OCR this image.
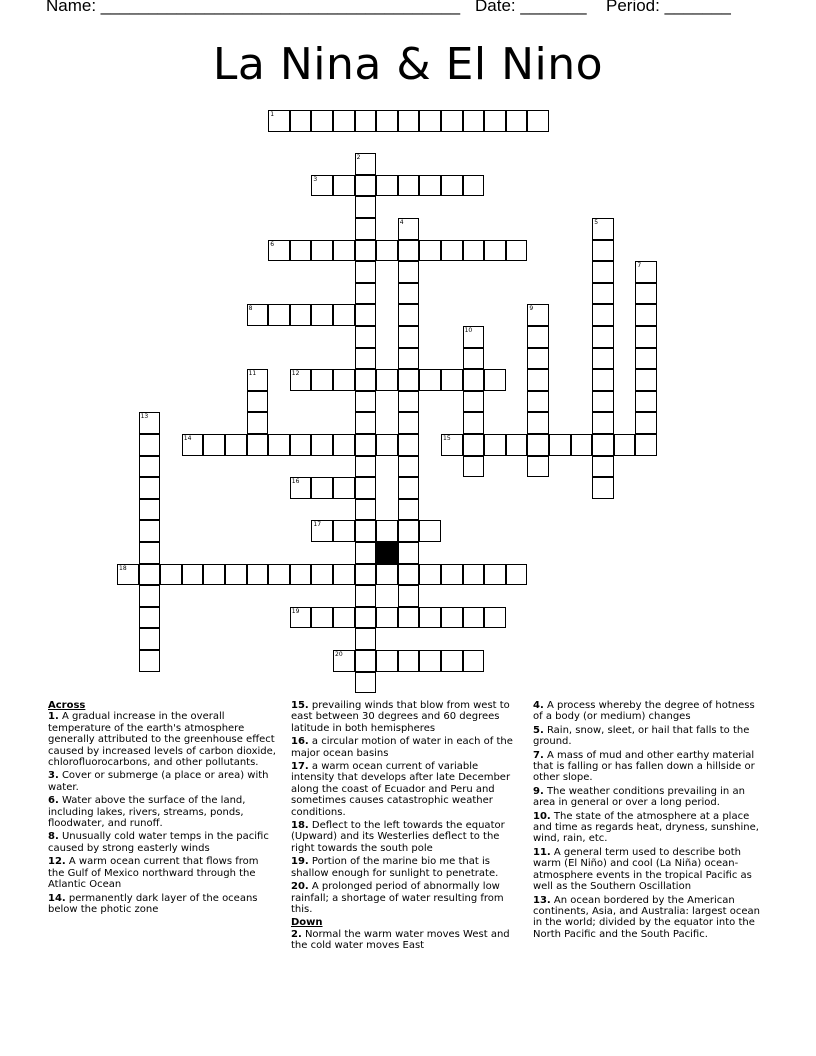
Name: ______________________________________ Date: _______ Period: _______
La Nina & El Nino
1
2
3
4	5
6
7
8	9
10
11	12
13
14	15
16
17
18
19
20
Across
1. A gradual increase in the overall temperature of the earth's atmosphere generally attributed to the greenhouse effect caused by increased levels of carbon dioxide, chlorofluorocarbons, and other pollutants.
3. Cover or submerge (a place or area) with water.
6. Water above the surface of the land, including lakes, rivers, streams, ponds, floodwater, and runoff.
8. Unusually cold water temps in the pacific caused by strong easterly winds
12. A warm ocean current that flows from the Gulf of Mexico northward through the Atlantic Ocean
14. permanently dark layer of the oceans below the photic zone
15. prevailing winds that blow from west to east between 30 degrees and 60 degrees latitude in both hemispheres
16. a circular motion of water in each of the major ocean basins
17. a warm ocean current of variable intensity that develops after late December along the coast of Ecuador and Peru and sometimes causes catastrophic weather conditions.
18. Deflect to the left towards the equator (Upward) and its Westerlies deflect to the right towards the south pole
19. Portion of the marine bio me that is shallow enough for sunlight to penetrate.
20. A prolonged period of abnormally low rainfall; a shortage of water resulting from this.
Down
2. Normal the warm water moves West and the cold water moves East
4. A process whereby the degree of hotness of a body (or medium) changes
5. Rain, snow, sleet, or hail that falls to the ground.
7. A mass of mud and other earthy material that is falling or has fallen down a hillside or other slope.
9. The weather conditions prevailing in an area in general or over a long period.
10. The state of the atmosphere at a place and time as regards heat, dryness, sunshine, wind, rain, etc.
11. A general term used to describe both warm (El Niño) and cool (La Niña) ocean-atmosphere events in the tropical Pacific as well as the Southern Oscillation
13. An ocean bordered by the American continents, Asia, and Australia: largest ocean in the world; divided by the equator into the North Pacific and the South Pacific.
